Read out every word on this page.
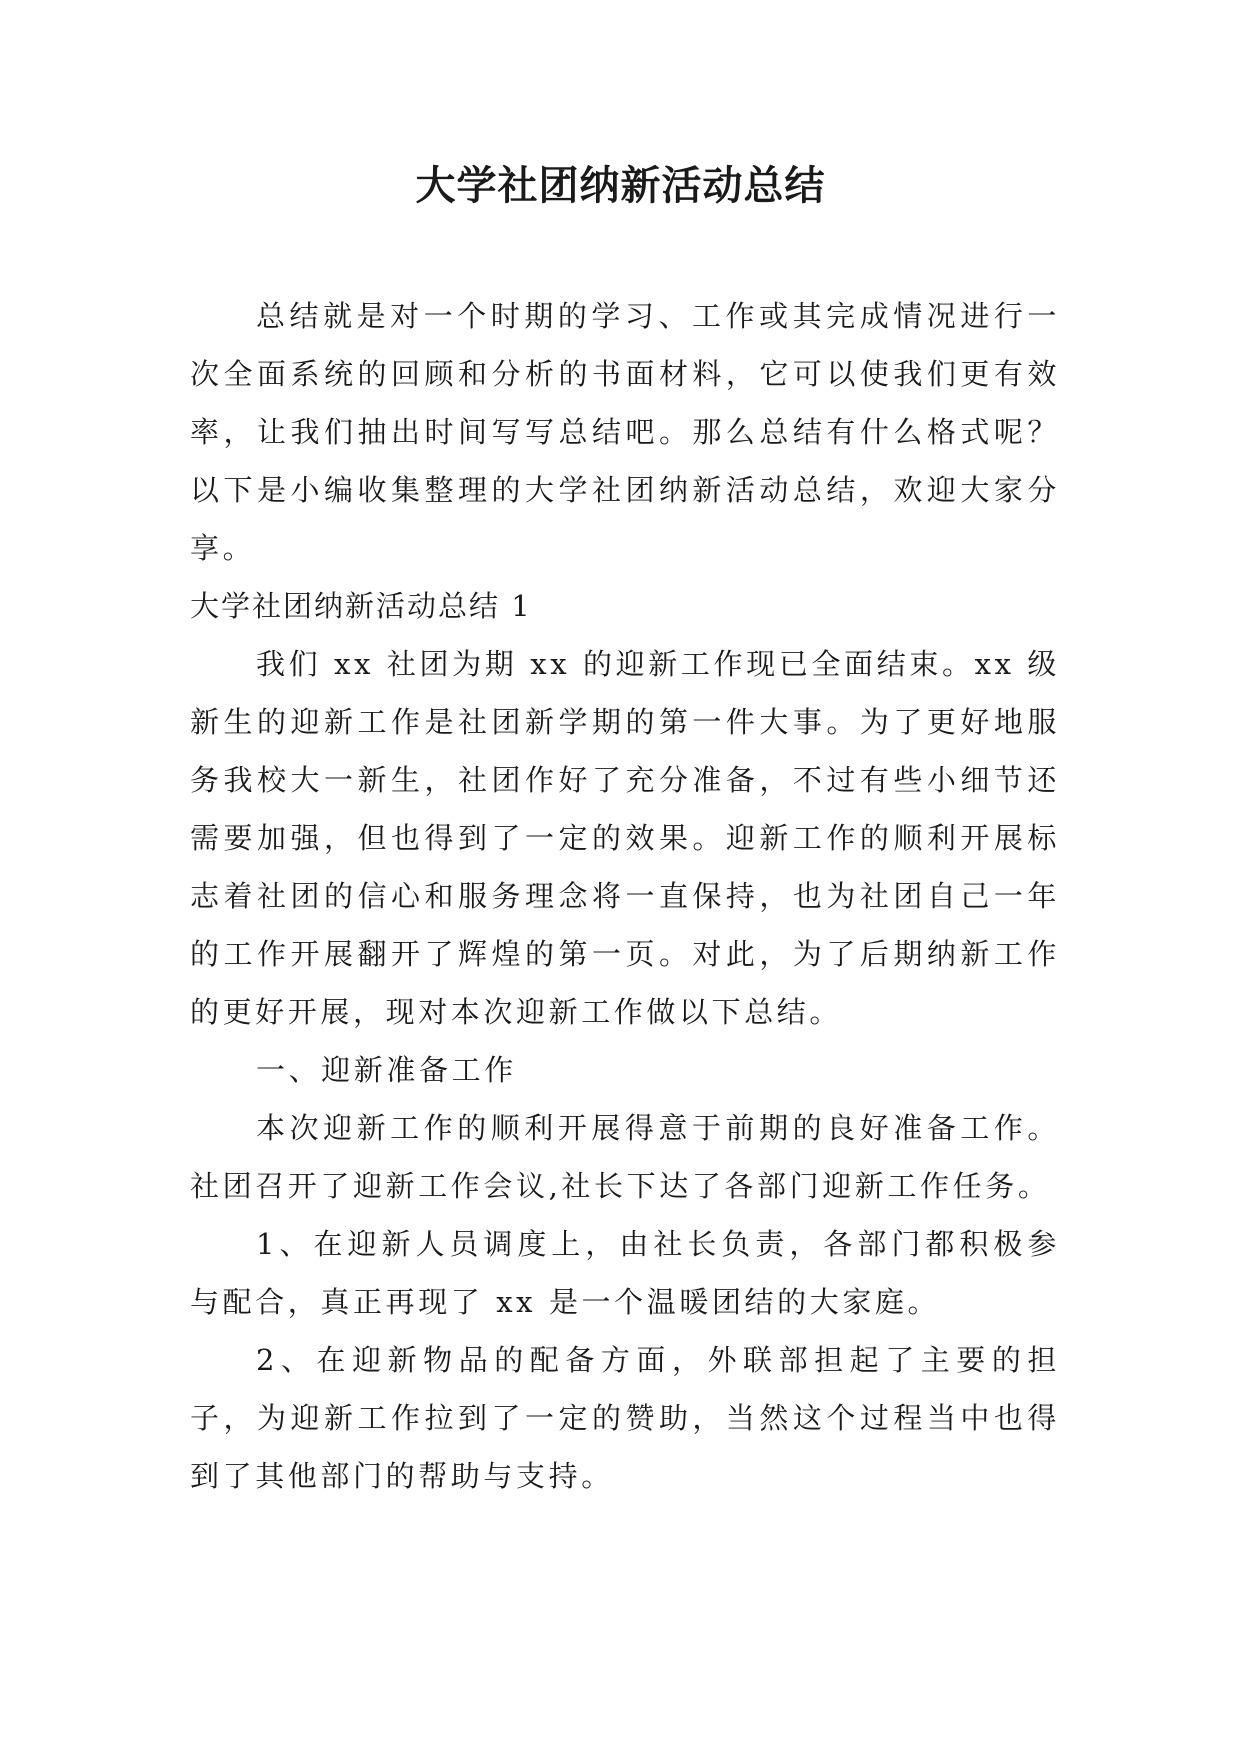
大学社团纳新活动总结

总结就是对一个时期的学习、工作或其完成情况进行一次全面系统的回顾和分析的书面材料，它可以使我们更有效率，让我们抽出时间写写总结吧。那么总结有什么格式呢？以下是小编收集整理的大学社团纳新活动总结，欢迎大家分享。

大学社团纳新活动总结 1

我们 xx 社团为期 xx 的迎新工作现已全面结束。xx 级新生的迎新工作是社团新学期的第一件大事。为了更好地服务我校大一新生，社团作好了充分准备，不过有些小细节还需要加强，但也得到了一定的效果。迎新工作的顺利开展标志着社团的信心和服务理念将一直保持，也为社团自己一年的工作开展翻开了辉煌的第一页。对此，为了后期纳新工作的更好开展，现对本次迎新工作做以下总结。

一、迎新准备工作

本次迎新工作的顺利开展得意于前期的良好准备工作。社团召开了迎新工作会议,社长下达了各部门迎新工作任务。

1、在迎新人员调度上，由社长负责，各部门都积极参与配合，真正再现了 xx 是一个温暖团结的大家庭。

2、在迎新物品的配备方面，外联部担起了主要的担子，为迎新工作拉到了一定的赞助，当然这个过程当中也得到了其他部门的帮助与支持。
